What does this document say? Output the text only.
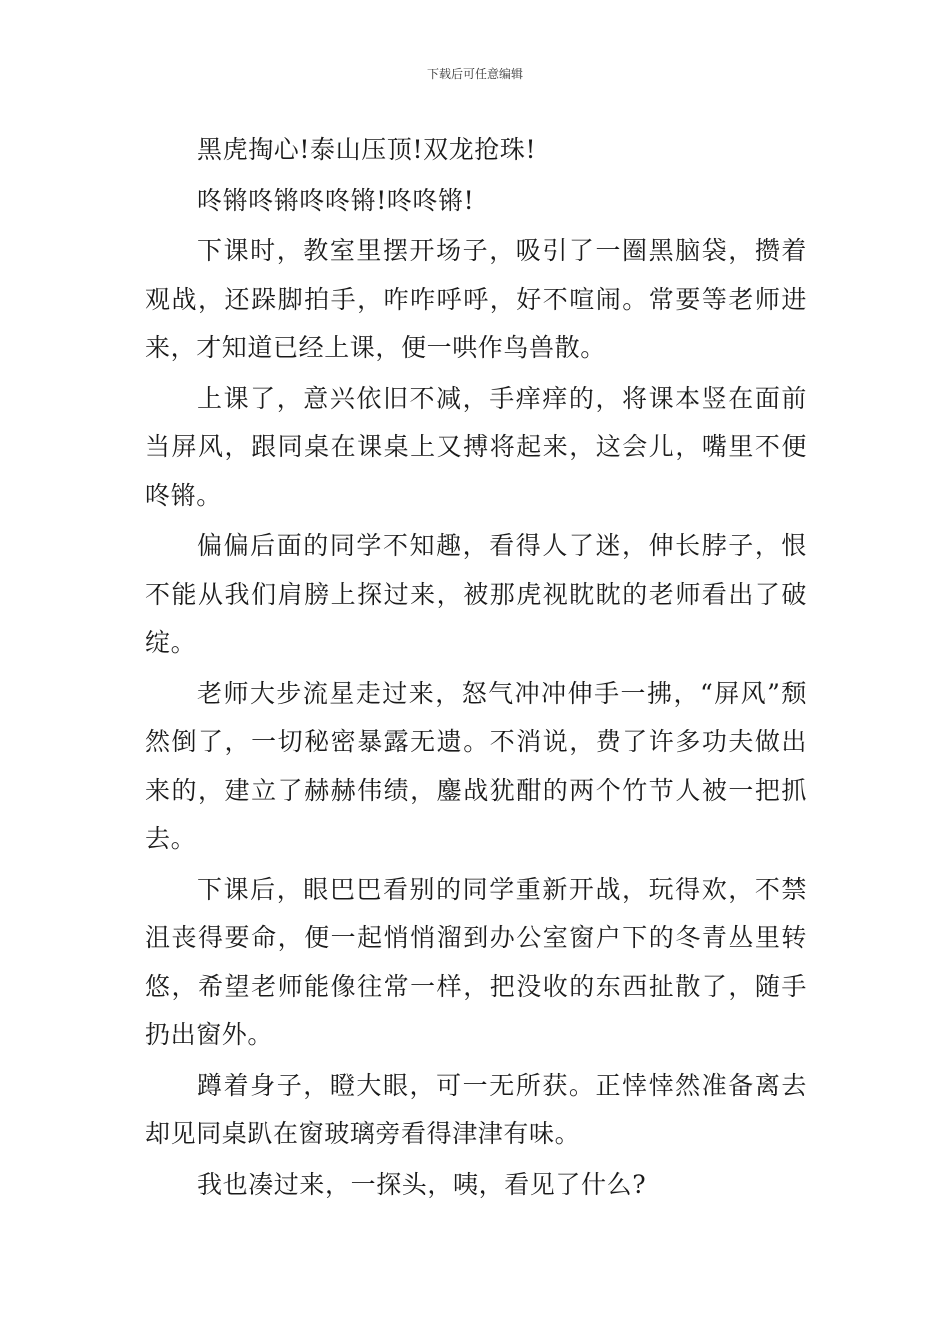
下载后可任意编辑

黑虎掏心!泰山压顶!双龙抢珠!

咚锵咚锵咚咚锵!咚咚锵!

下课时，教室里摆开场子，吸引了一圈黑脑袋，攒着观战，还跺脚拍手，咋咋呼呼，好不喧闹。常要等老师进来，才知道已经上课，便一哄作鸟兽散。

上课了，意兴依旧不减，手痒痒的，将课本竖在面前当屏风，跟同桌在课桌上又搏将起来，这会儿，嘴里不便咚锵。

偏偏后面的同学不知趣，看得人了迷，伸长脖子，恨不能从我们肩膀上探过来，被那虎视眈眈的老师看出了破绽。

老师大步流星走过来，怒气冲冲伸手一拂，“屏风”颓然倒了，一切秘密暴露无遗。不消说，费了许多功夫做出来的，建立了赫赫伟绩，鏖战犹酣的两个竹节人被一把抓去。

下课后，眼巴巴看别的同学重新开战，玩得欢，不禁沮丧得要命，便一起悄悄溜到办公室窗户下的冬青丛里转悠，希望老师能像往常一样，把没收的东西扯散了，随手扔出窗外。

蹲着身子，瞪大眼，可一无所获。正悻悻然准备离去却见同桌趴在窗玻璃旁看得津津有味。

我也凑过来，一探头，咦，看见了什么?
